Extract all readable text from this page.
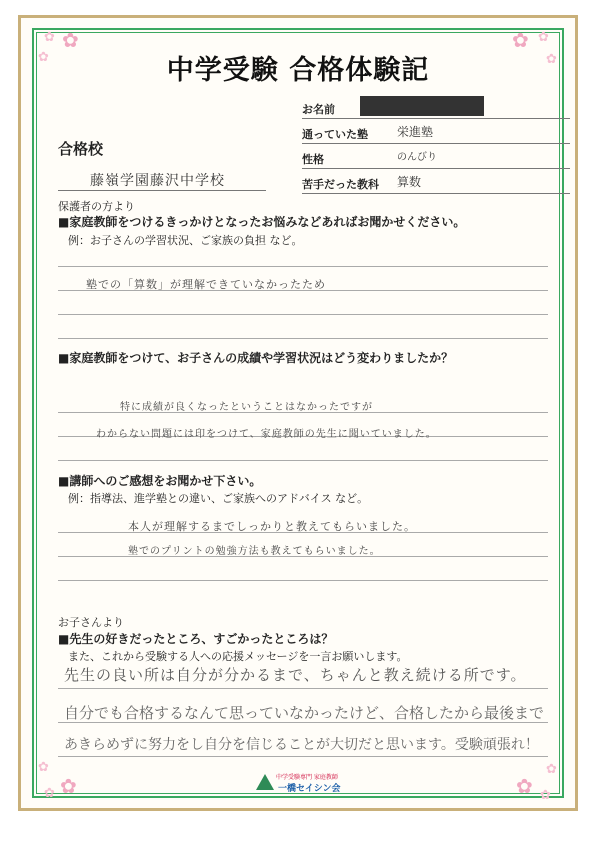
✿
✿
✿
✿ ✿
✿
✿
✿
✿	✿
✿
✿
中学受験 合格体験記
お名前
通っていた塾 栄進塾
性格	のんびり
苦手だった教科 算数
合格校
藤嶺学園藤沢中学校
保護者の方より
■家庭教師をつけるきっかけとなったお悩みなどあればお聞かせください。
例：お子さんの学習状況、ご家族の負担 など。
塾での「算数」が理解できていなかったため
■家庭教師をつけて、お子さんの成績や学習状況はどう変わりましたか？
特に成績が良くなったということはなかったですが
わからない問題には印をつけて、家庭教師の先生に聞いていました。
■講師へのご感想をお聞かせ下さい。
例：指導法、進学塾との違い、ご家族へのアドバイス など。
本人が理解するまでしっかりと教えてもらいました。
塾でのプリントの勉強方法も教えてもらいました。
お子さんより
■先生の好きだったところ、すごかったところは？
また、これから受験する人への応援メッセージを一言お願いします。
先生の良い所は自分が分かるまで、ちゃんと教え続ける所です。
自分でも合格するなんて思っていなかったけど、合格したから最後まで
あきらめずに努力をし自分を信じることが大切だと思います。受験頑張れ！
中学受験専門 家庭教師
一橋セイシン会
